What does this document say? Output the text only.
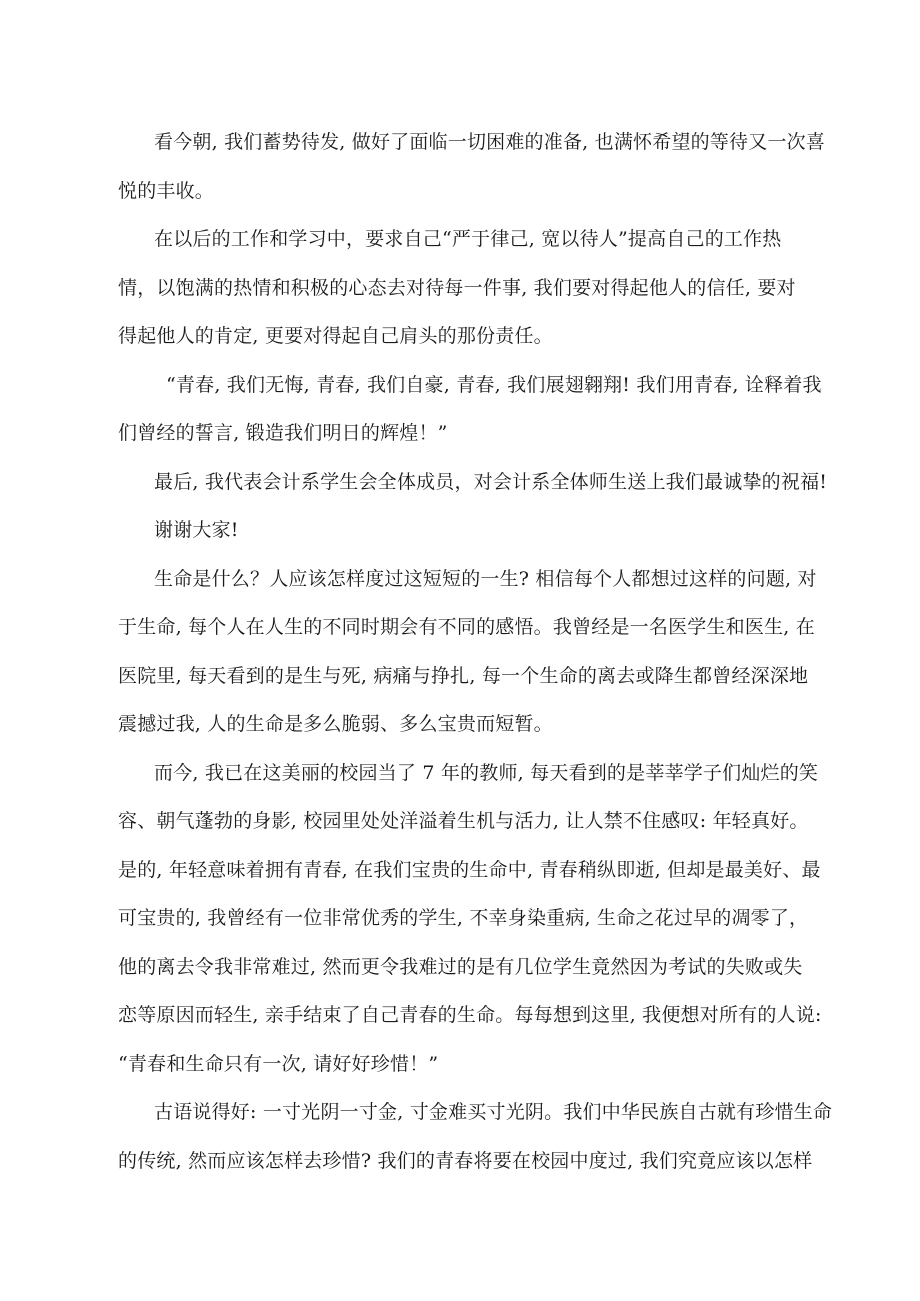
看今朝, 我们蓄势待发, 做好了面临一切困难的准备, 也满怀希望的等待又一次喜
悦的丰收。
在以后的工作和学习中，要求自己“严于律己, 宽以待人”提高自己的工作热
情，以饱满的热情和积极的心态去对待每一件事, 我们要对得起他人的信任, 要对
得起他人的肯定, 更要对得起自己肩头的那份责任。
“青春, 我们无悔, 青春, 我们自豪, 青春, 我们展翅翱翔! 我们用青春, 诠释着我
们曾经的誓言, 锻造我们明日的辉煌！”
最后, 我代表会计系学生会全体成员，对会计系全体师生送上我们最诚挚的祝福!
谢谢大家!
生命是什么？人应该怎样度过这短短的一生? 相信每个人都想过这样的问题, 对
于生命, 每个人在人生的不同时期会有不同的感悟。我曾经是一名医学生和医生, 在
医院里, 每天看到的是生与死, 病痛与挣扎, 每一个生命的离去或降生都曾经深深地
震撼过我, 人的生命是多么脆弱、多么宝贵而短暂。
而今, 我已在这美丽的校园当了 7 年的教师, 每天看到的是莘莘学子们灿烂的笑
容、朝气蓬勃的身影, 校园里处处洋溢着生机与活力, 让人禁不住感叹: 年轻真好。
是的, 年轻意味着拥有青春, 在我们宝贵的生命中, 青春稍纵即逝, 但却是最美好、最
可宝贵的, 我曾经有一位非常优秀的学生, 不幸身染重病, 生命之花过早的凋零了，
他的离去令我非常难过, 然而更令我难过的是有几位学生竟然因为考试的失败或失
恋等原因而轻生, 亲手结束了自己青春的生命。每每想到这里, 我便想对所有的人说:
“青春和生命只有一次, 请好好珍惜！”
古语说得好: 一寸光阴一寸金, 寸金难买寸光阴。我们中华民族自古就有珍惜生命
的传统, 然而应该怎样去珍惜? 我们的青春将要在校园中度过, 我们究竟应该以怎样
